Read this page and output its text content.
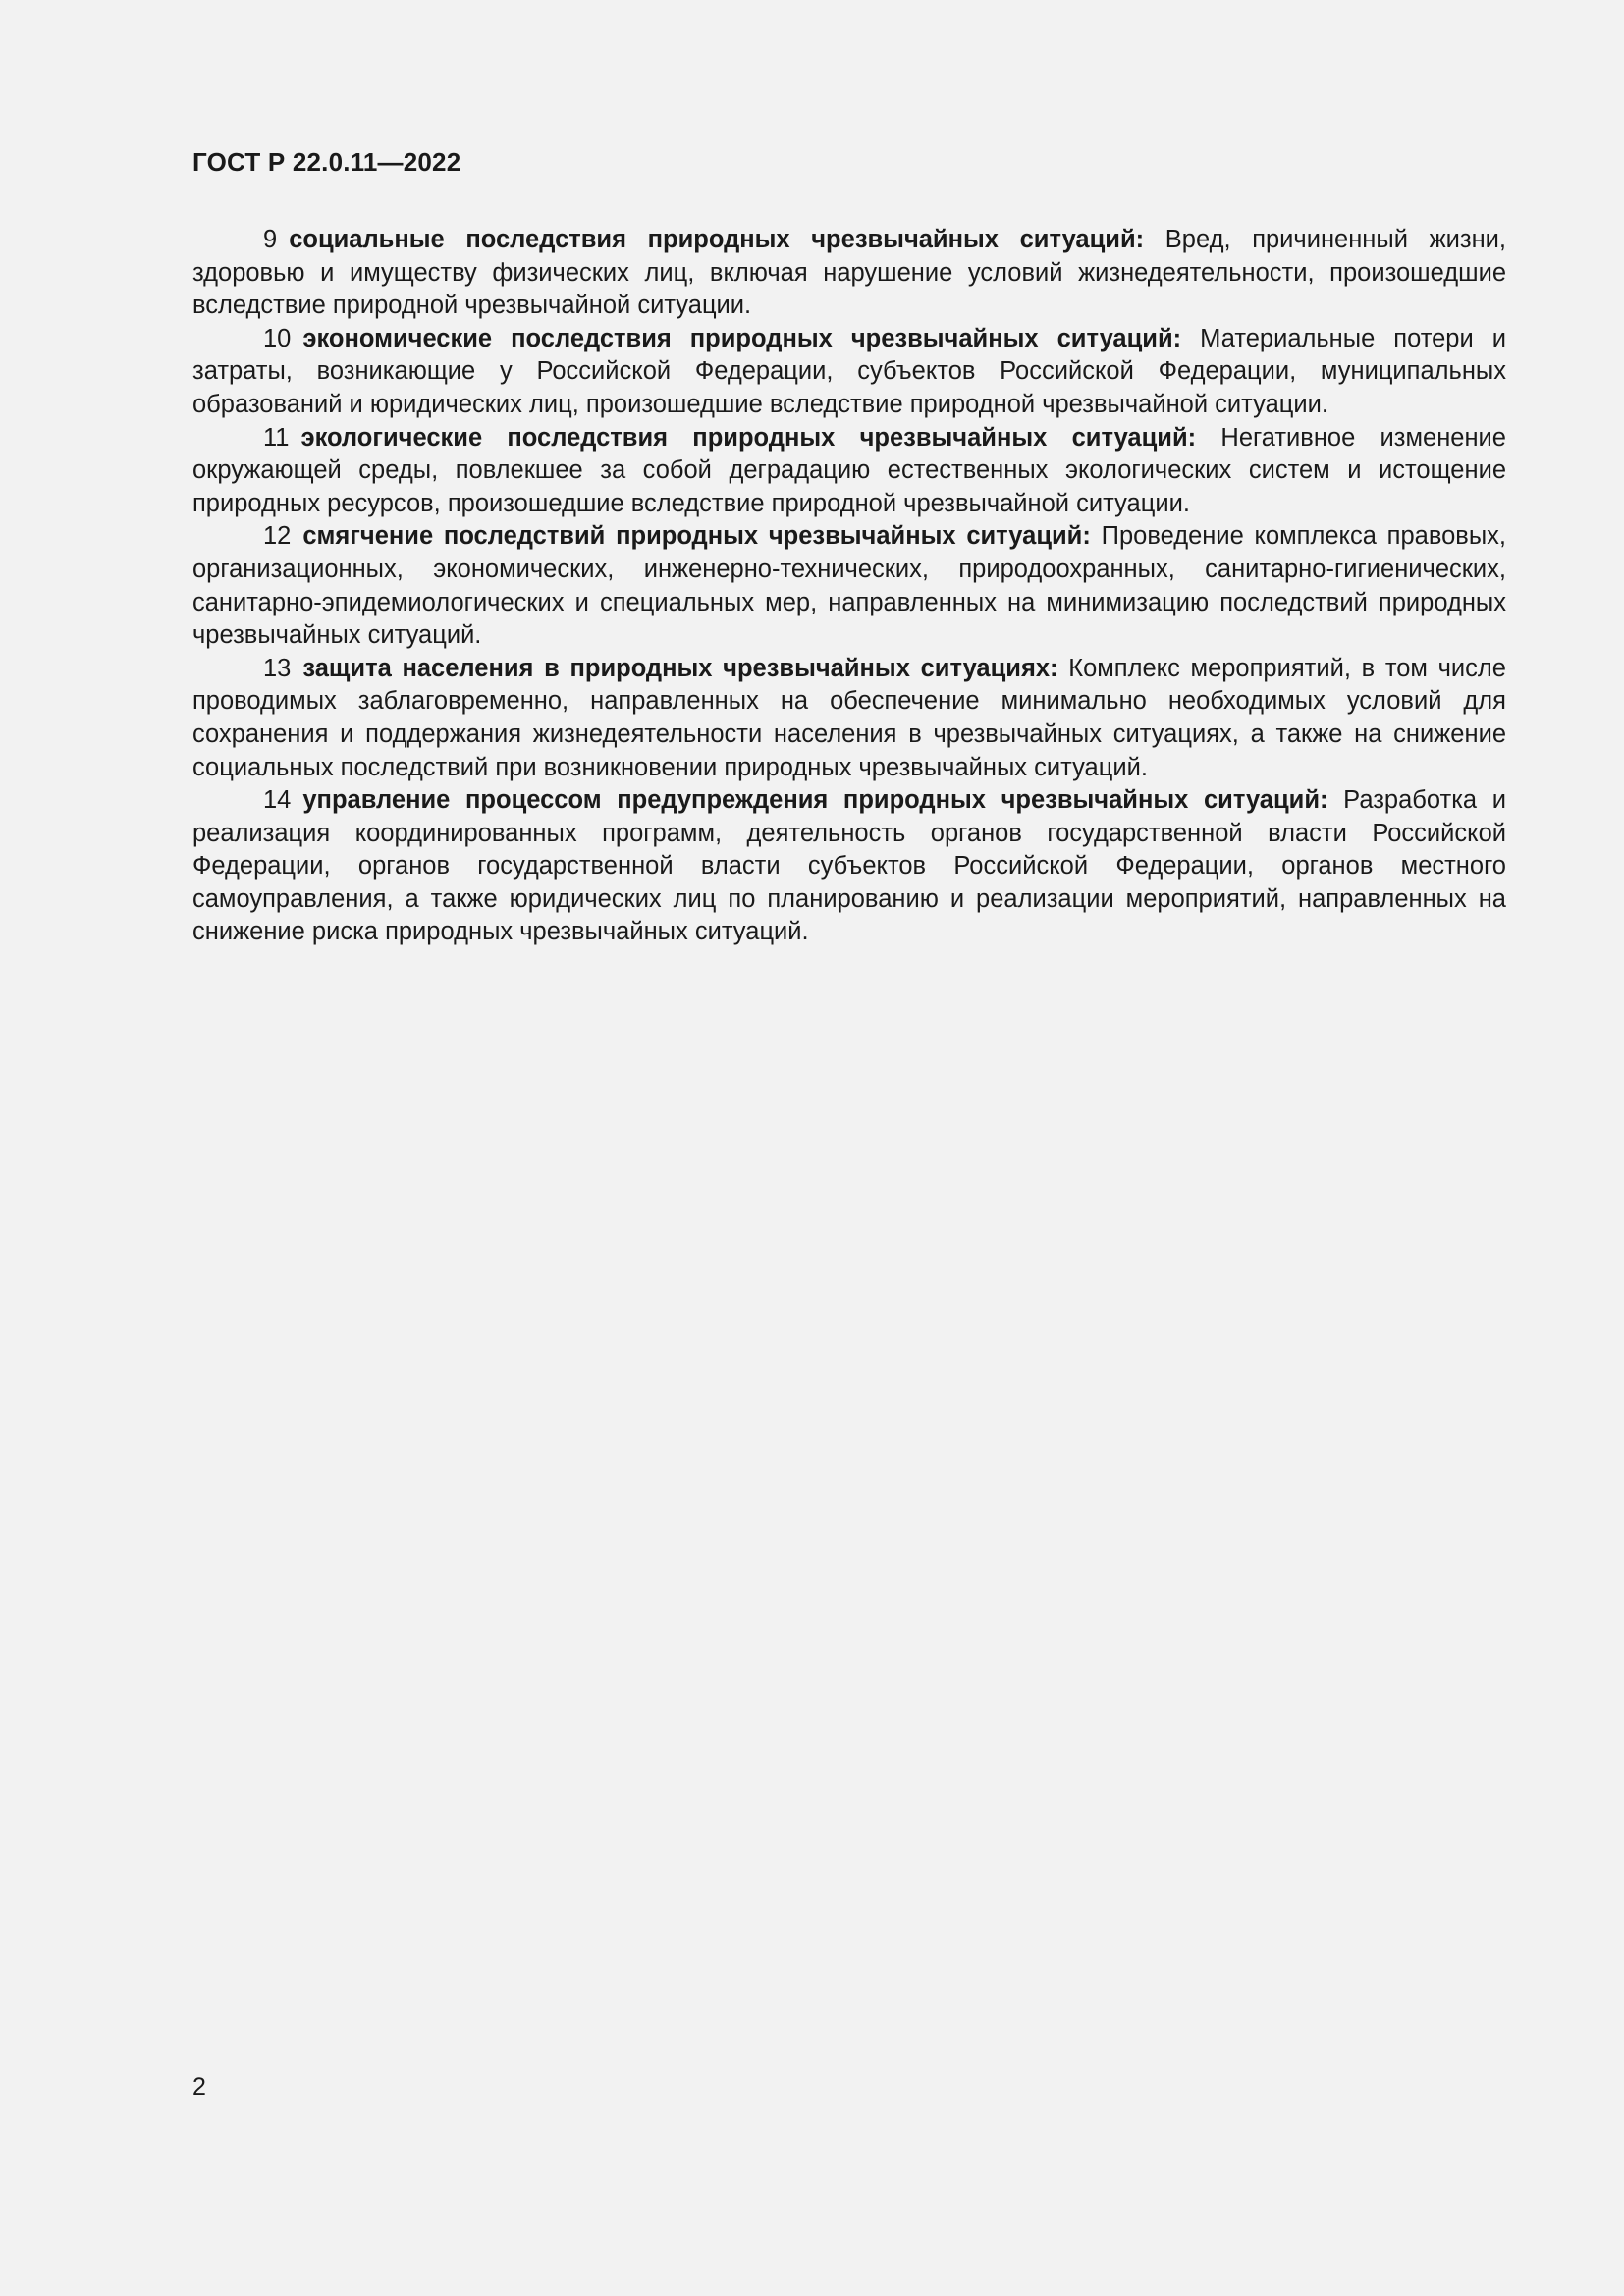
ГОСТ Р 22.0.11—2022

9 социальные последствия природных чрезвычайных ситуаций: Вред, причиненный жизни, здоровью и имуществу физических лиц, включая нарушение условий жизнедеятельности, произошедшие вследствие природной чрезвычайной ситуации.

10 экономические последствия природных чрезвычайных ситуаций: Материальные потери и затраты, возникающие у Российской Федерации, субъектов Российской Федерации, муниципальных образований и юридических лиц, произошедшие вследствие природной чрезвычайной ситуации.

11 экологические последствия природных чрезвычайных ситуаций: Негативное изменение окружающей среды, повлекшее за собой деградацию естественных экологических систем и истощение природных ресурсов, произошедшие вследствие природной чрезвычайной ситуации.

12 смягчение последствий природных чрезвычайных ситуаций: Проведение комплекса правовых, организационных, экономических, инженерно-технических, природоохранных, санитарно-гигиенических, санитарно-эпидемиологических и специальных мер, направленных на минимизацию последствий природных чрезвычайных ситуаций.

13 защита населения в природных чрезвычайных ситуациях: Комплекс мероприятий, в том числе проводимых заблаговременно, направленных на обеспечение минимально необходимых условий для сохранения и поддержания жизнедеятельности населения в чрезвычайных ситуациях, а также на снижение социальных последствий при возникновении природных чрезвычайных ситуаций.

14 управление процессом предупреждения природных чрезвычайных ситуаций: Разработка и реализация координированных программ, деятельность органов государственной власти Российской Федерации, органов государственной власти субъектов Российской Федерации, органов местного самоуправления, а также юридических лиц по планированию и реализации мероприятий, направленных на снижение риска природных чрезвычайных ситуаций.

2
